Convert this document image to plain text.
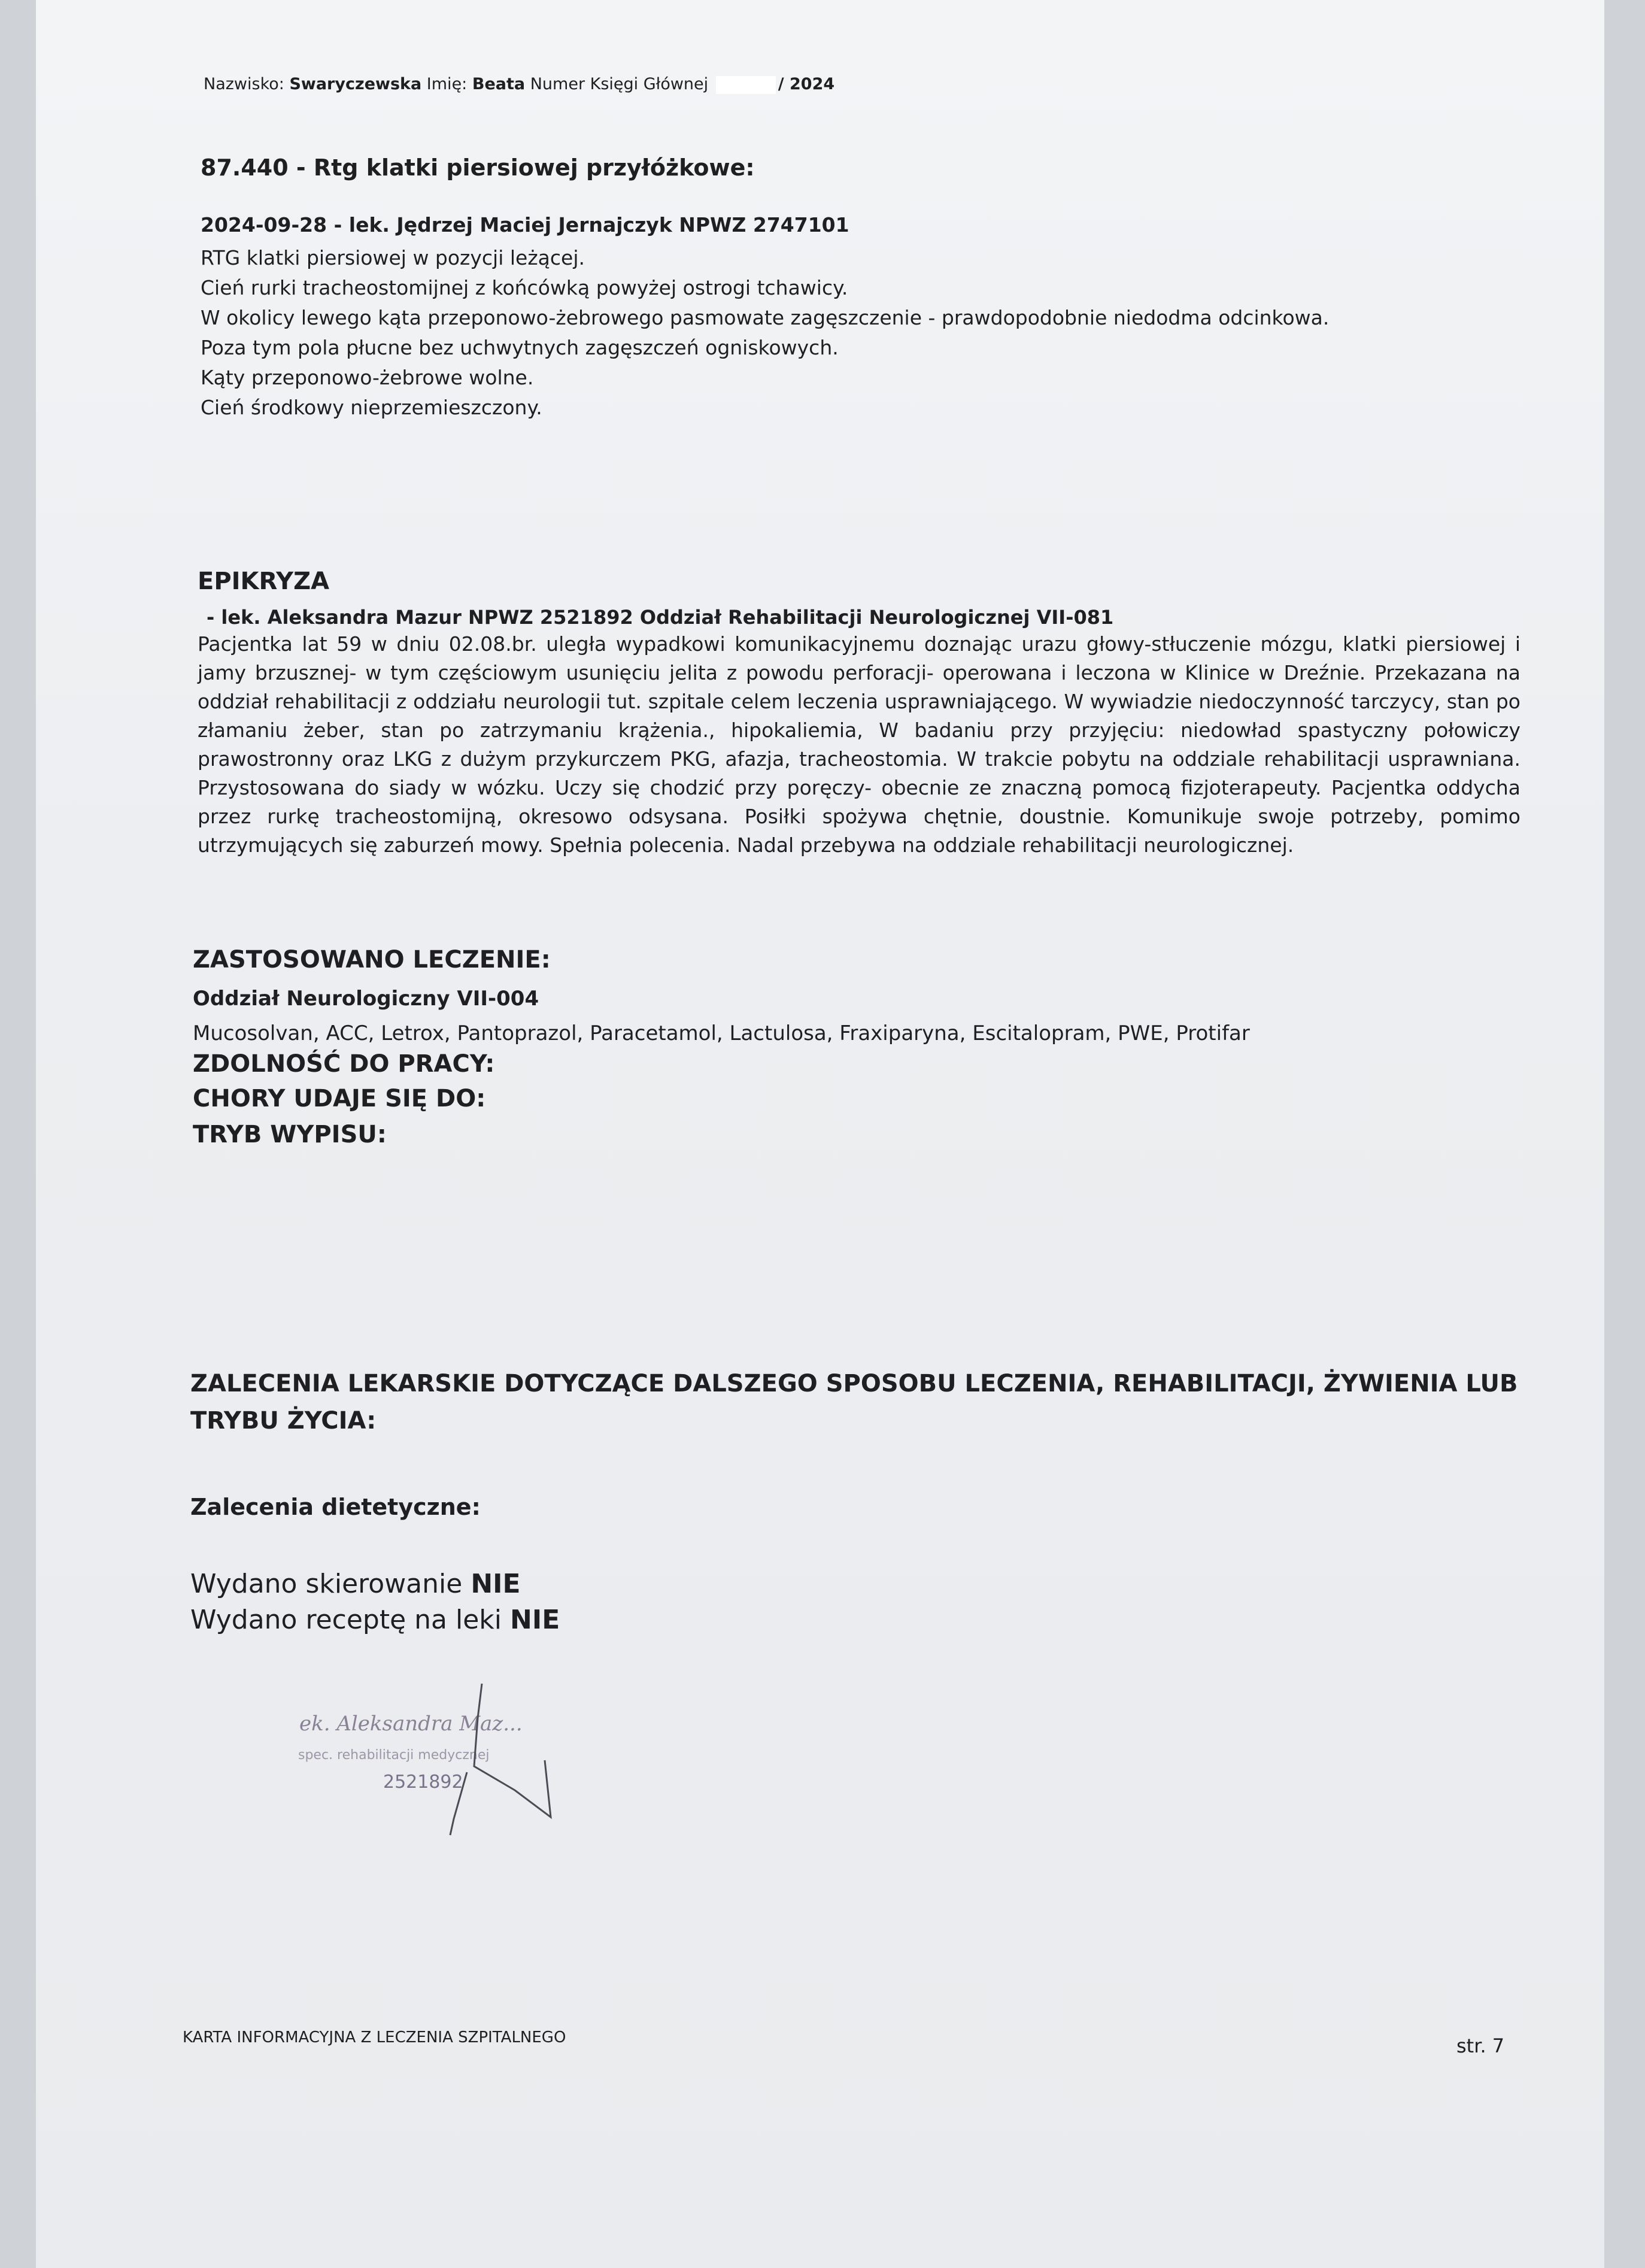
Nazwisko: Swaryczewska Imię: Beata Numer Księgi Głównej	/ 2024
87.440 - Rtg klatki piersiowej przyłóżkowe:
2024-09-28 - lek. Jędrzej Maciej Jernajczyk NPWZ 2747101
RTG klatki piersiowej w pozycji leżącej.
Cień rurki tracheostomijnej z końcówką powyżej ostrogi tchawicy.
W okolicy lewego kąta przeponowo-żebrowego pasmowate zagęszczenie - prawdopodobnie niedodma odcinkowa.
Poza tym pola płucne bez uchwytnych zagęszczeń ogniskowych.
Kąty przeponowo-żebrowe wolne.
Cień środkowy nieprzemieszczony.
EPIKRYZA
- lek. Aleksandra Mazur NPWZ 2521892 Oddział Rehabilitacji Neurologicznej VII-081
Pacjentka lat 59 w dniu 02.08.br. uległa wypadkowi komunikacyjnemu doznając urazu głowy-stłuczenie mózgu, klatki piersiowej i jamy brzusznej- w tym częściowym usunięciu jelita z powodu perforacji- operowana i leczona w Klinice w Dreźnie. Przekazana na oddział rehabilitacji z oddziału neurologii tut. szpitale celem leczenia usprawniającego. W wywiadzie niedoczynność tarczycy, stan po złamaniu żeber, stan po zatrzymaniu krążenia., hipokaliemia, W badaniu przy przyjęciu: niedowład spastyczny połowiczy prawostronny oraz LKG z dużym przykurczem PKG, afazja, tracheostomia. W trakcie pobytu na oddziale rehabilitacji usprawniana. Przystosowana do siady w wózku. Uczy się chodzić przy poręczy- obecnie ze znaczną pomocą fizjoterapeuty. Pacjentka oddycha przez rurkę tracheostomijną, okresowo odsysana. Posiłki spożywa chętnie, doustnie. Komunikuje swoje potrzeby, pomimo utrzymujących się zaburzeń mowy. Spełnia polecenia. Nadal przebywa na oddziale rehabilitacji neurologicznej.
ZASTOSOWANO LECZENIE:
Oddział Neurologiczny VII-004
Mucosolvan, ACC, Letrox, Pantoprazol, Paracetamol, Lactulosa, Fraxiparyna, Escitalopram, PWE, Protifar
ZDOLNOŚĆ DO PRACY:
CHORY UDAJE SIĘ DO:
TRYB WYPISU:
ZALECENIA LEKARSKIE DOTYCZĄCE DALSZEGO SPOSOBU LECZENIA, REHABILITACJI, ŻYWIENIA LUB TRYBU ŻYCIA:
Zalecenia dietetyczne:
Wydano skierowanie NIE
Wydano receptę na leki NIE
ek. Aleksandra Maz...
spec. rehabilitacji medycznej
2521892
KARTA INFORMACYJNA Z LECZENIA SZPITALNEGO	str. 7
